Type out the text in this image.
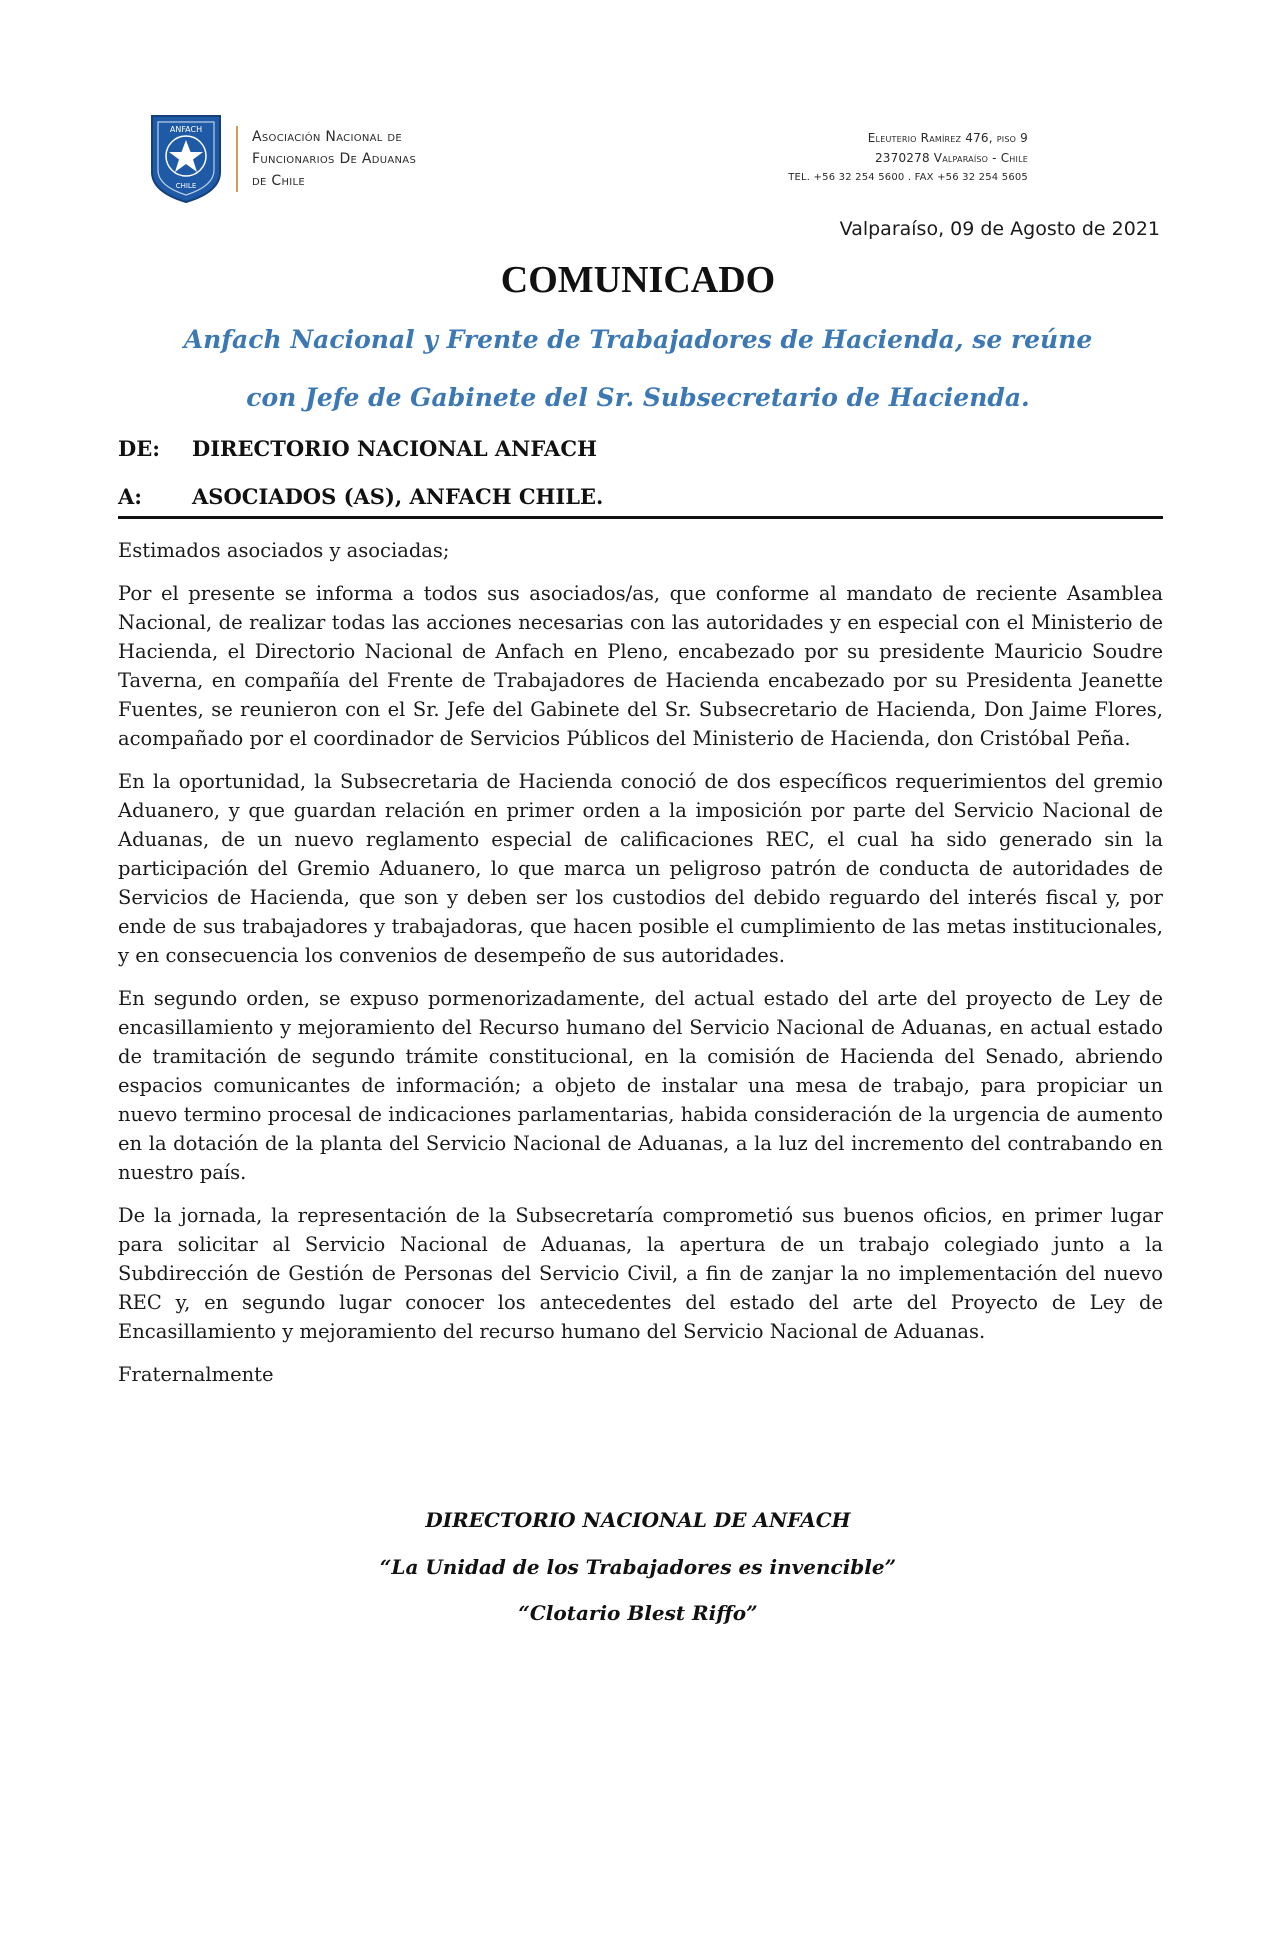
ANFACH
CHILE
Asociación Nacional de
Funcionarios De Aduanas
de Chile
Eleuterio Ramírez 476, piso 9
2370278 Valparaíso - Chile
TEL. +56 32 254 5600 . FAX +56 32 254 5605
Valparaíso, 09 de Agosto de 2021
COMUNICADO
Anfach Nacional y Frente de Trabajadores de Hacienda, se reúne
con Jefe de Gabinete del Sr. Subsecretario de Hacienda.
DE: DIRECTORIO NACIONAL ANFACH
A: ASOCIADOS (AS), ANFACH CHILE.

Estimados asociados y asociadas;

Por el presente se informa a todos sus asociados/as, que conforme al mandato de reciente Asamblea Nacional, de realizar todas las acciones necesarias con las autoridades y en especial con el Ministerio de Hacienda, el Directorio Nacional de Anfach en Pleno, encabezado por su presidente Mauricio Soudre Taverna, en compañía del Frente de Trabajadores de Hacienda encabezado por su Presidenta Jeanette Fuentes, se reunieron con el Sr. Jefe del Gabinete del Sr. Subsecretario de Hacienda, Don Jaime Flores, acompañado por el coordinador de Servicios Públicos del Ministerio de Hacienda, don Cristóbal Peña.

En la oportunidad, la Subsecretaria de Hacienda conoció de dos específicos requerimientos del gremio Aduanero, y que guardan relación en primer orden a la imposición por parte del Servicio Nacional de Aduanas, de un nuevo reglamento especial de calificaciones REC, el cual ha sido generado sin la participación del Gremio Aduanero, lo que marca un peligroso patrón de conducta de autoridades de Servicios de Hacienda, que son y deben ser los custodios del debido reguardo del interés fiscal y, por ende de sus trabajadores y trabajadoras, que hacen posible el cumplimiento de las metas institucionales, y en consecuencia los convenios de desempeño de sus autoridades.

En segundo orden, se expuso pormenorizadamente, del actual estado del arte del proyecto de Ley de encasillamiento y mejoramiento del Recurso humano del Servicio Nacional de Aduanas, en actual estado de tramitación de segundo trámite constitucional, en la comisión de Hacienda del Senado, abriendo espacios comunicantes de información; a objeto de instalar una mesa de trabajo, para propiciar un nuevo termino procesal de indicaciones parlamentarias, habida consideración de la urgencia de aumento en la dotación de la planta del Servicio Nacional de Aduanas, a la luz del incremento del contrabando en nuestro país.

De la jornada, la representación de la Subsecretaría comprometió sus buenos oficios, en primer lugar para solicitar al Servicio Nacional de Aduanas, la apertura de un trabajo colegiado junto a la Subdirección de Gestión de Personas del Servicio Civil, a fin de zanjar la no implementación del nuevo REC y, en segundo lugar conocer los antecedentes del estado del arte del Proyecto de Ley de Encasillamiento y mejoramiento del recurso humano del Servicio Nacional de Aduanas.

Fraternalmente

DIRECTORIO NACIONAL DE ANFACH
“La Unidad de los Trabajadores es invencible”
“Clotario Blest Riffo”
